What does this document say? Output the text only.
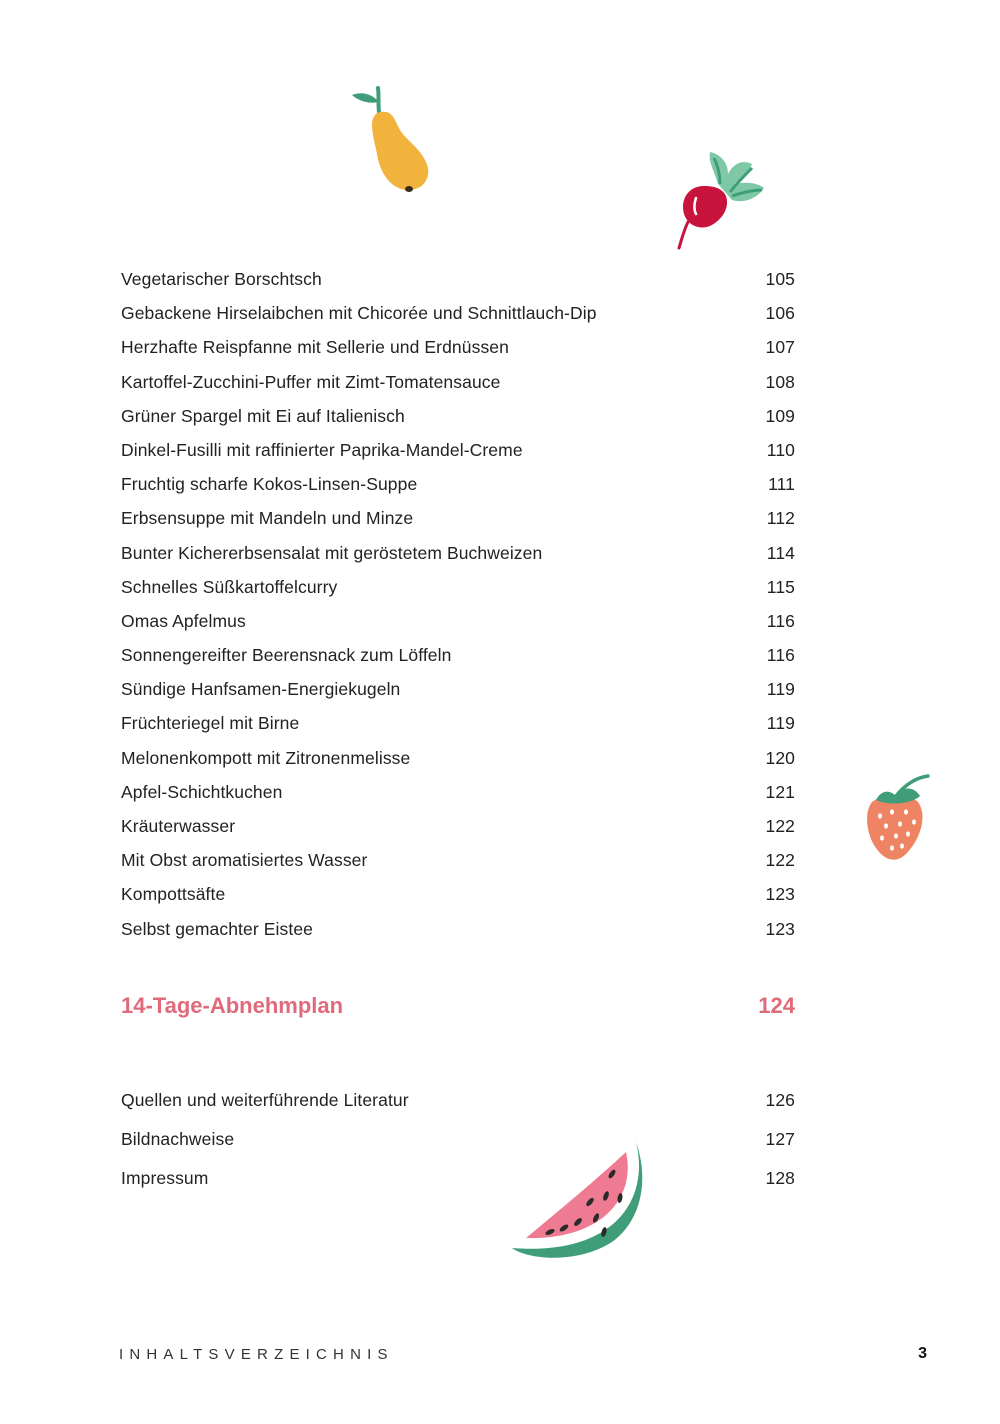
Vegetarischer Borschtsch	105
Gebackene Hirselaibchen mit Chicorée und Schnittlauch-Dip	106
Herzhafte Reispfanne mit Sellerie und Erdnüssen	107
Kartoffel-Zucchini-Puffer mit Zimt-Tomatensauce	108
Grüner Spargel mit Ei auf Italienisch	109
Dinkel-Fusilli mit raffinierter Paprika-Mandel-Creme	110
Fruchtig scharfe Kokos-Linsen-Suppe	111
Erbsensuppe mit Mandeln und Minze	112
Bunter Kichererbsensalat mit geröstetem Buchweizen	114
Schnelles Süßkartoffelcurry	115
Omas Apfelmus	116
Sonnengereifter Beerensnack zum Löffeln	116
Sündige Hanfsamen-Energiekugeln	119
Früchteriegel mit Birne	119
Melonenkompott mit Zitronenmelisse	120
Apfel-Schichtkuchen	121
Kräuterwasser	122
Mit Obst aromatisiertes Wasser	122
Kompottsäfte	123
Selbst gemachter Eistee	123
14-Tage-Abnehmplan	124
Quellen und weiterführende Literatur	126
Bildnachweise	127
Impressum	128
INHALTSVERZEICHNIS	3
